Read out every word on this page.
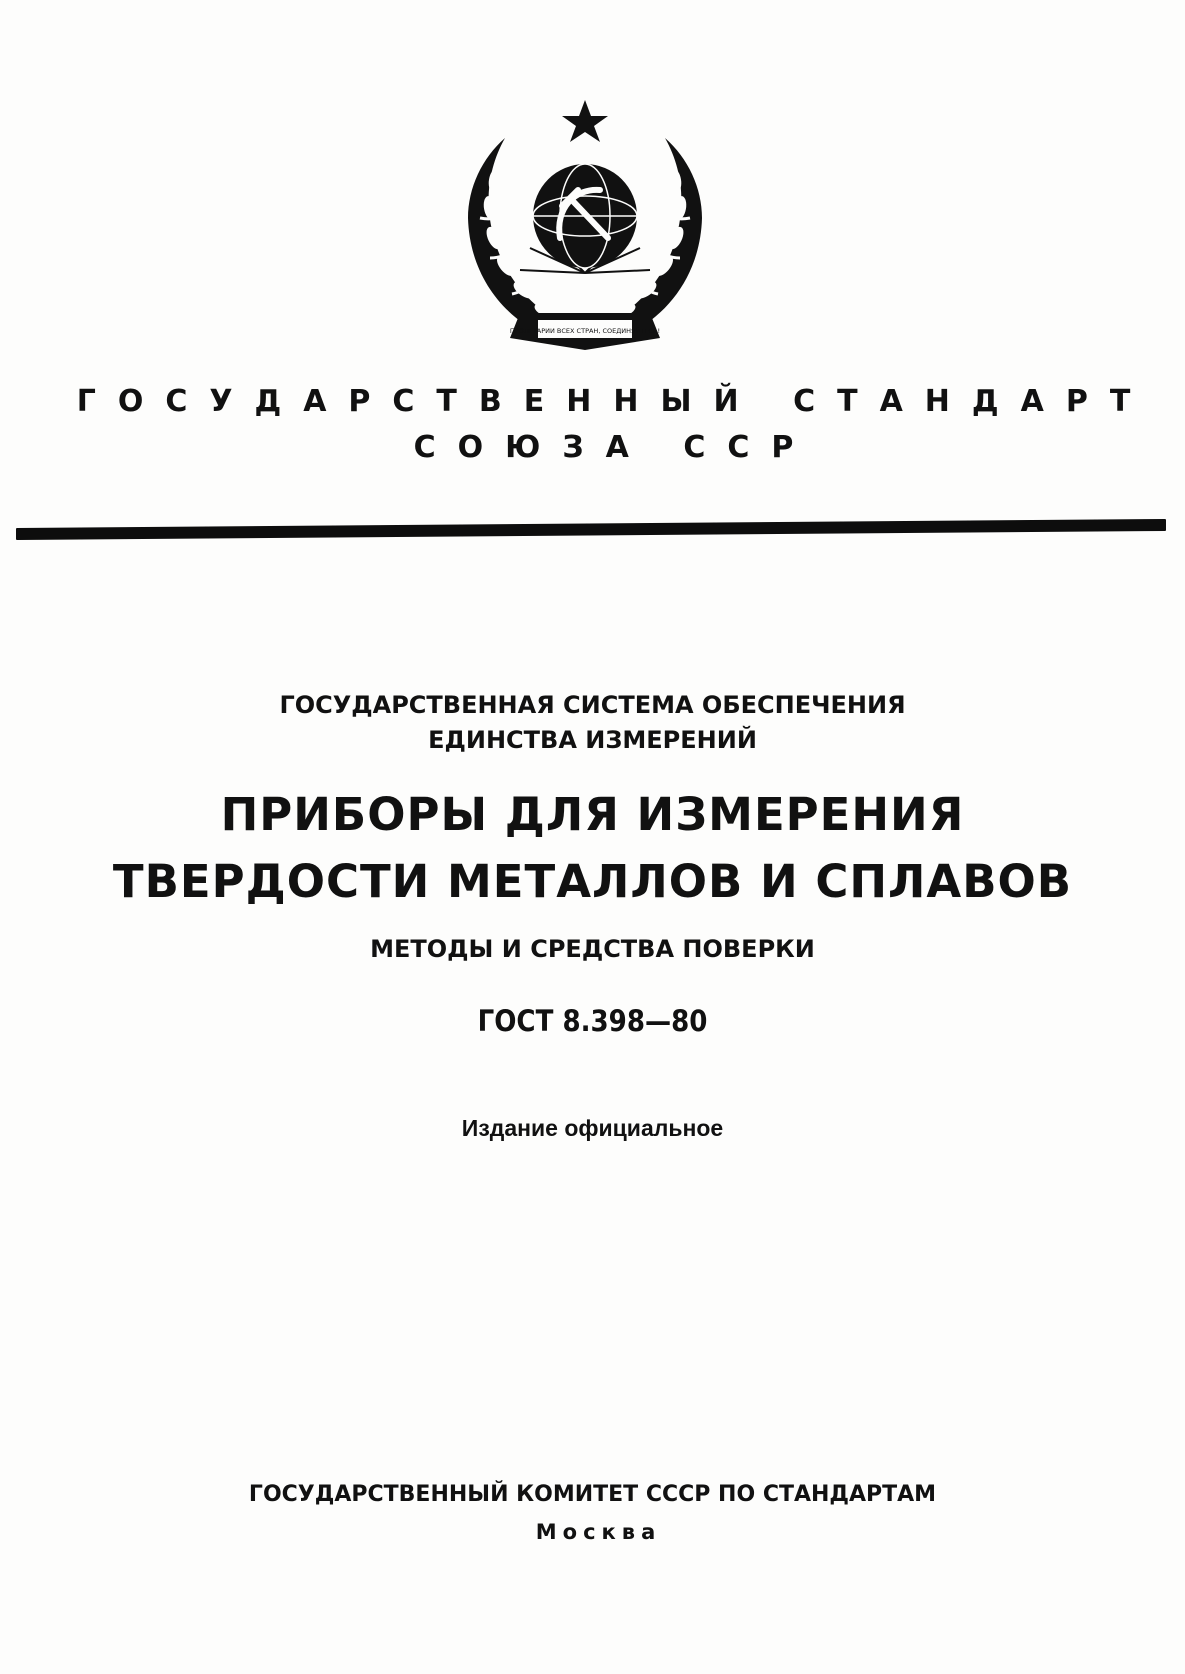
ПРОЛЕТАРИИ ВСЕХ СТРАН, СОЕДИНЯЙТЕСЬ!
ГОСУДАРСТВЕННЫЙ СТАНДАРТ
СОЮЗА ССР
ГОСУДАРСТВЕННАЯ СИСТЕМА ОБЕСПЕЧЕНИЯ
ЕДИНСТВА ИЗМЕРЕНИЙ
ПРИБОРЫ ДЛЯ ИЗМЕРЕНИЯ
ТВЕРДОСТИ МЕТАЛЛОВ И СПЛАВОВ
МЕТОДЫ И СРЕДСТВА ПОВЕРКИ
ГОСТ 8.398—80
Издание официальное
ГОСУДАРСТВЕННЫЙ КОМИТЕТ СССР ПО СТАНДАРТАМ
Москва
